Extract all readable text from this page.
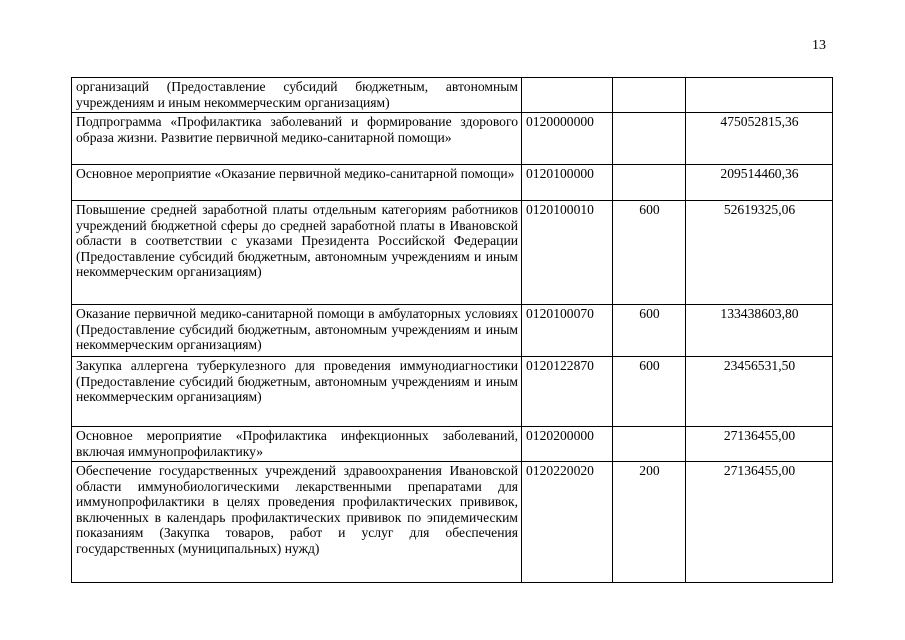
13
организаций (Предоставление субсидий бюджетным, автономным учреждениям и иным некоммерческим организациям)			
Подпрограмма «Профилактика заболеваний и формирование здорового образа жизни. Развитие первичной медико-санитарной помощи»	0120000000		475052815,36
Основное мероприятие «Оказание первичной медико-санитарной помощи»	0120100000		209514460,36
Повышение средней заработной платы отдельным категориям работников учреждений бюджетной сферы до средней заработной платы в Ивановской области в соответствии с указами Президента Российской Федерации (Предоставление субсидий бюджетным, автономным учреждениям и иным некоммерческим организациям)	0120100010	600	52619325,06
Оказание первичной медико-санитарной помощи в амбулаторных условиях (Предоставление субсидий бюджетным, автономным учреждениям и иным некоммерческим организациям)	0120100070	600	133438603,80
Закупка аллергена туберкулезного для проведения иммунодиагностики (Предоставление субсидий бюджетным, автономным учреждениям и иным некоммерческим организациям)	0120122870	600	23456531,50
Основное мероприятие «Профилактика инфекционных заболеваний, включая иммунопрофилактику»	0120200000		27136455,00
Обеспечение государственных учреждений здравоохранения Ивановской области иммунобиологическими лекарственными препаратами для иммунопрофилактики в целях проведения профилактических прививок, включенных в календарь профилактических прививок по эпидемическим показаниям (Закупка товаров, работ и услуг для обеспечения государственных (муниципальных) нужд)	0120220020	200	27136455,00
